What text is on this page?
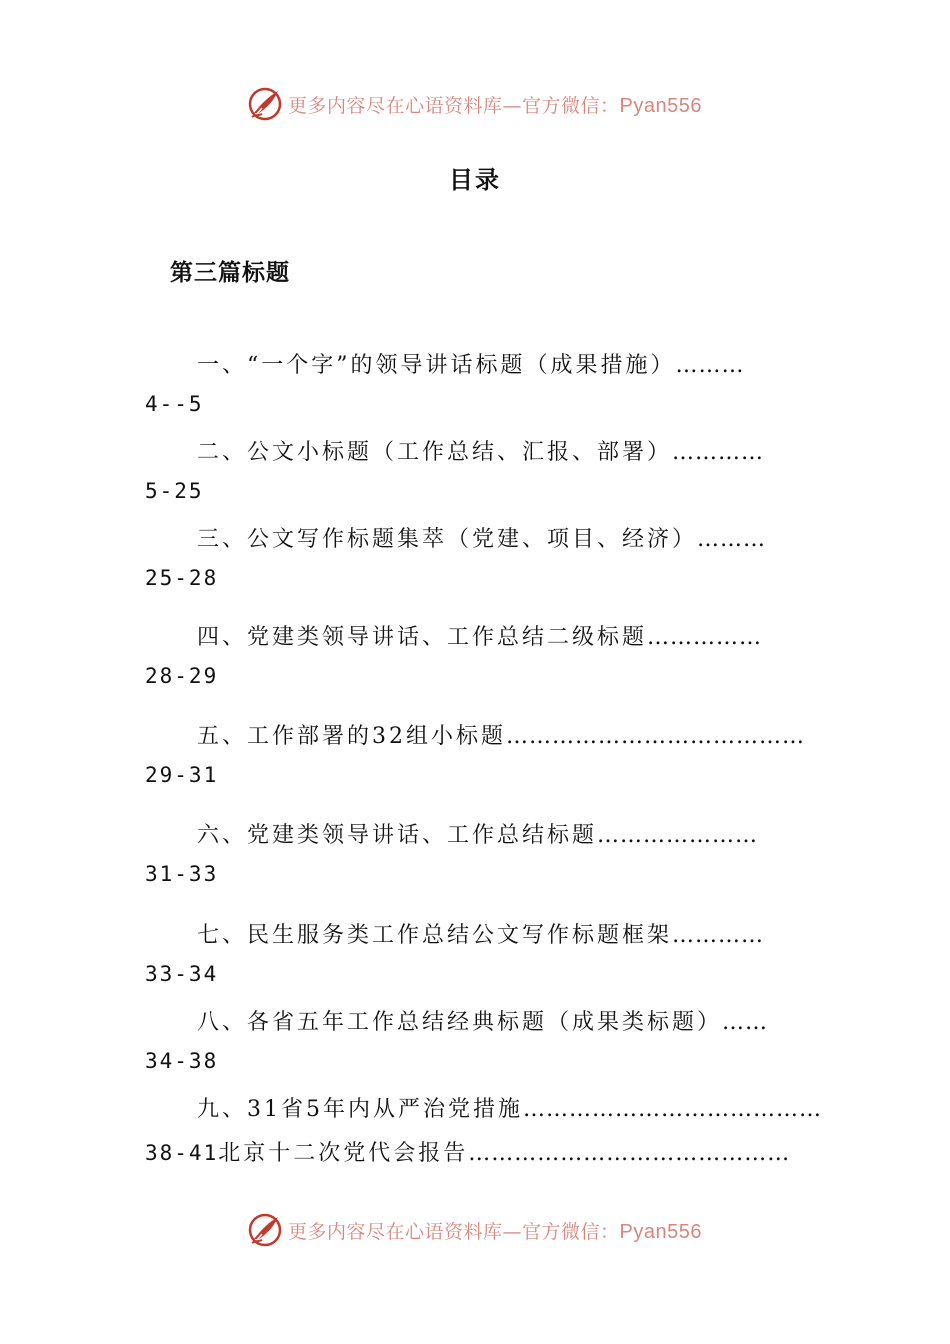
更多内容尽在心语资料库—官方微信：Pyan556
目录
第三篇标题
一、“一个字”的领导讲话标题（成果措施）………
4--5
二、公文小标题（工作总结、汇报、部署）…………
5-25
三、公文写作标题集萃（党建、项目、经济）………
25-28
四、党建类领导讲话、工作总结二级标题……………
28-29
五、工作部署的32组小标题…………………………………
29-31
六、党建类领导讲话、工作总结标题…………………
31-33
七、民生服务类工作总结公文写作标题框架…………
33-34
八、各省五年工作总结经典标题（成果类标题）……
34-38
九、31省5年内从严治党措施…………………………………
38-41北京十二次党代会报告……………………………………
更多内容尽在心语资料库—官方微信：Pyan556
